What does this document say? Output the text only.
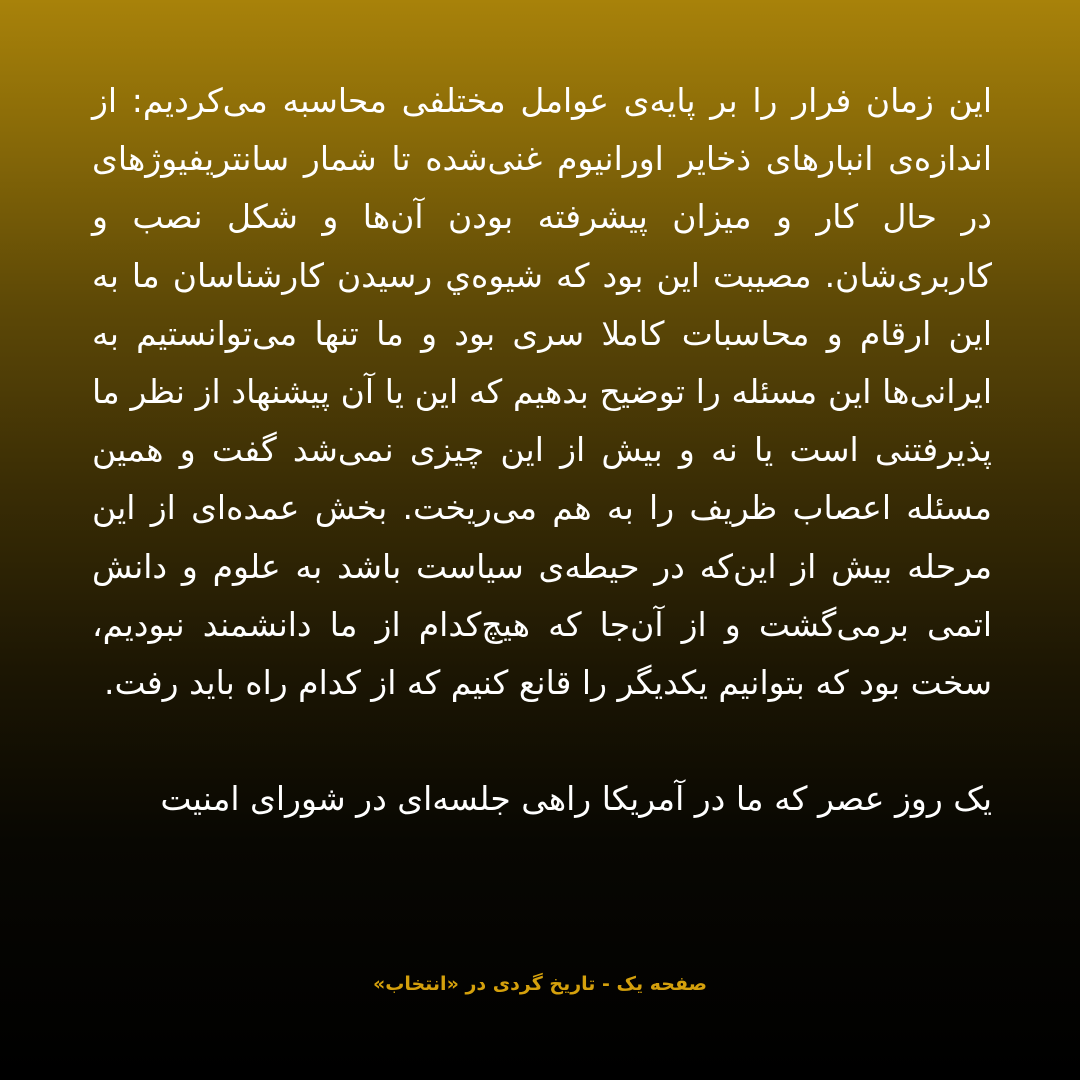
این زمان فرار را بر پایه‌ی عوامل مختلفی محاسبه می‌کردیم: از اندازه‌ی انبارهای ذخایر اورانیوم غنی‌شده تا شمار سانتریفیوژهای در حال کار و میزان پیشرفته بودن آن‌ها و شکل نصب و کاربری‌شان. مصیبت این بود که شیوه‌ي رسیدن کارشناسان ما به این ارقام و محاسبات کاملا سری بود و ما تنها می‌توانستیم به ایرانی‌ها این مسئله را توضیح بدهیم که این یا آن پیشنهاد از نظر ما پذیرفتنی است یا نه و بیش از این چیزی نمی‌شد گفت و همین مسئله اعصاب ظریف را به هم می‌ریخت. بخش عمده‌ای از این مرحله بیش از این‌که در حیطه‌ی سیاست باشد به علوم و دانش اتمی برمی‌گشت و از آن‌جا که هیچ‌کدام از ما دانشمند نبودیم، سخت بود که بتوانیم یکدیگر را قانع کنیم که از کدام راه باید رفت.

یک روز عصر که ما در آمریکا راهی جلسه‌ای در شورای امنیت

صفحه یک - تاریخ گردی در «انتخاب»
